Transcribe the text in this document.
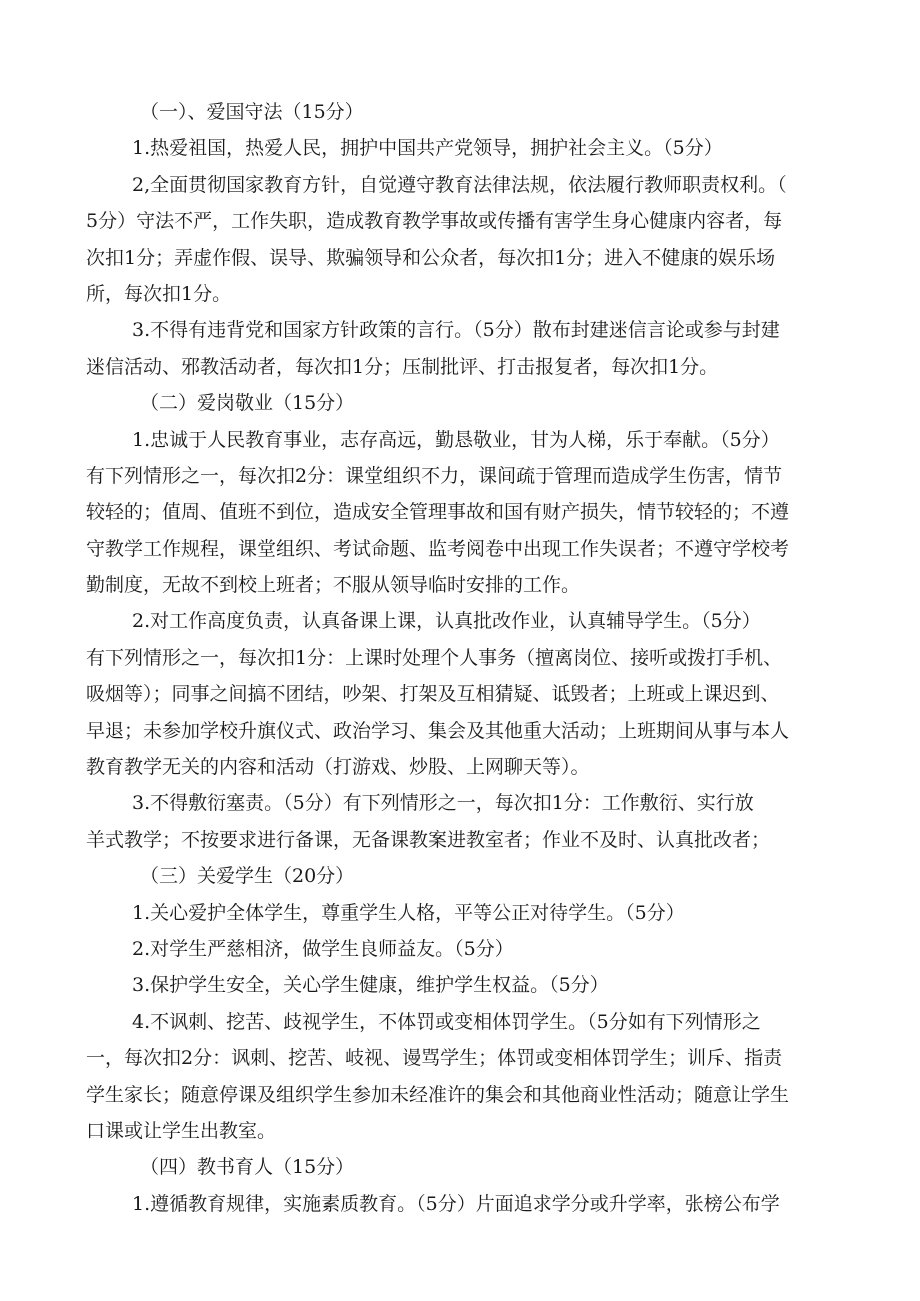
（一）、爱国守法（15分）
1.热爱祖国，热爱人民，拥护中国共产党领导，拥护社会主义。（5分）
2,全面贯彻国家教育方针，自觉遵守教育法律法规，依法履行教师职责权利。（
5分）守法不严，工作失职，造成教育教学事故或传播有害学生身心健康内容者，每
次扣1分；弄虚作假、误导、欺骗领导和公众者，每次扣1分；进入不健康的娱乐场
所，每次扣1分。
3.不得有违背党和国家方针政策的言行。（5分）散布封建迷信言论或参与封建
迷信活动、邪教活动者，每次扣1分；压制批评、打击报复者，每次扣1分。
（二）爱岗敬业（15分）
1.忠诚于人民教育事业，志存高远，勤恳敬业，甘为人梯，乐于奉献。（5分）
有下列情形之一，每次扣2分：课堂组织不力，课间疏于管理而造成学生伤害，情节
较轻的；值周、值班不到位，造成安全管理事故和国有财产损失，情节较轻的；不遵
守教学工作规程，课堂组织、考试命题、监考阅卷中出现工作失误者；不遵守学校考
勤制度，无故不到校上班者；不服从领导临时安排的工作。
2.对工作高度负责，认真备课上课，认真批改作业，认真辅导学生。（5分）
有下列情形之一，每次扣1分：上课时处理个人事务（擅离岗位、接听或拨打手机、
吸烟等）；同事之间搞不团结，吵架、打架及互相猜疑、诋毁者；上班或上课迟到、
早退；未参加学校升旗仪式、政治学习、集会及其他重大活动；上班期间从事与本人
教育教学无关的内容和活动（打游戏、炒股、上网聊天等）。
3.不得敷衍塞责。（5分）有下列情形之一，每次扣1分：工作敷衍、实行放
羊式教学；不按要求进行备课，无备课教案进教室者；作业不及时、认真批改者；
（三）关爱学生（20分）
1.关心爱护全体学生，尊重学生人格，平等公正对待学生。（5分）
2.对学生严慈相济，做学生良师益友。（5分）
3.保护学生安全，关心学生健康，维护学生权益。（5分）
4.不讽刺、挖苦、歧视学生，不体罚或变相体罚学生。（5分如有下列情形之
一，每次扣2分：讽刺、挖苦、岐视、谩骂学生；体罚或变相体罚学生；训斥、指责
学生家长；随意停课及组织学生参加未经准许的集会和其他商业性活动；随意让学生
口课或让学生出教室。
（四）教书育人（15分）
1.遵循教育规律，实施素质教育。（5分）片面追求学分或升学率，张榜公布学
